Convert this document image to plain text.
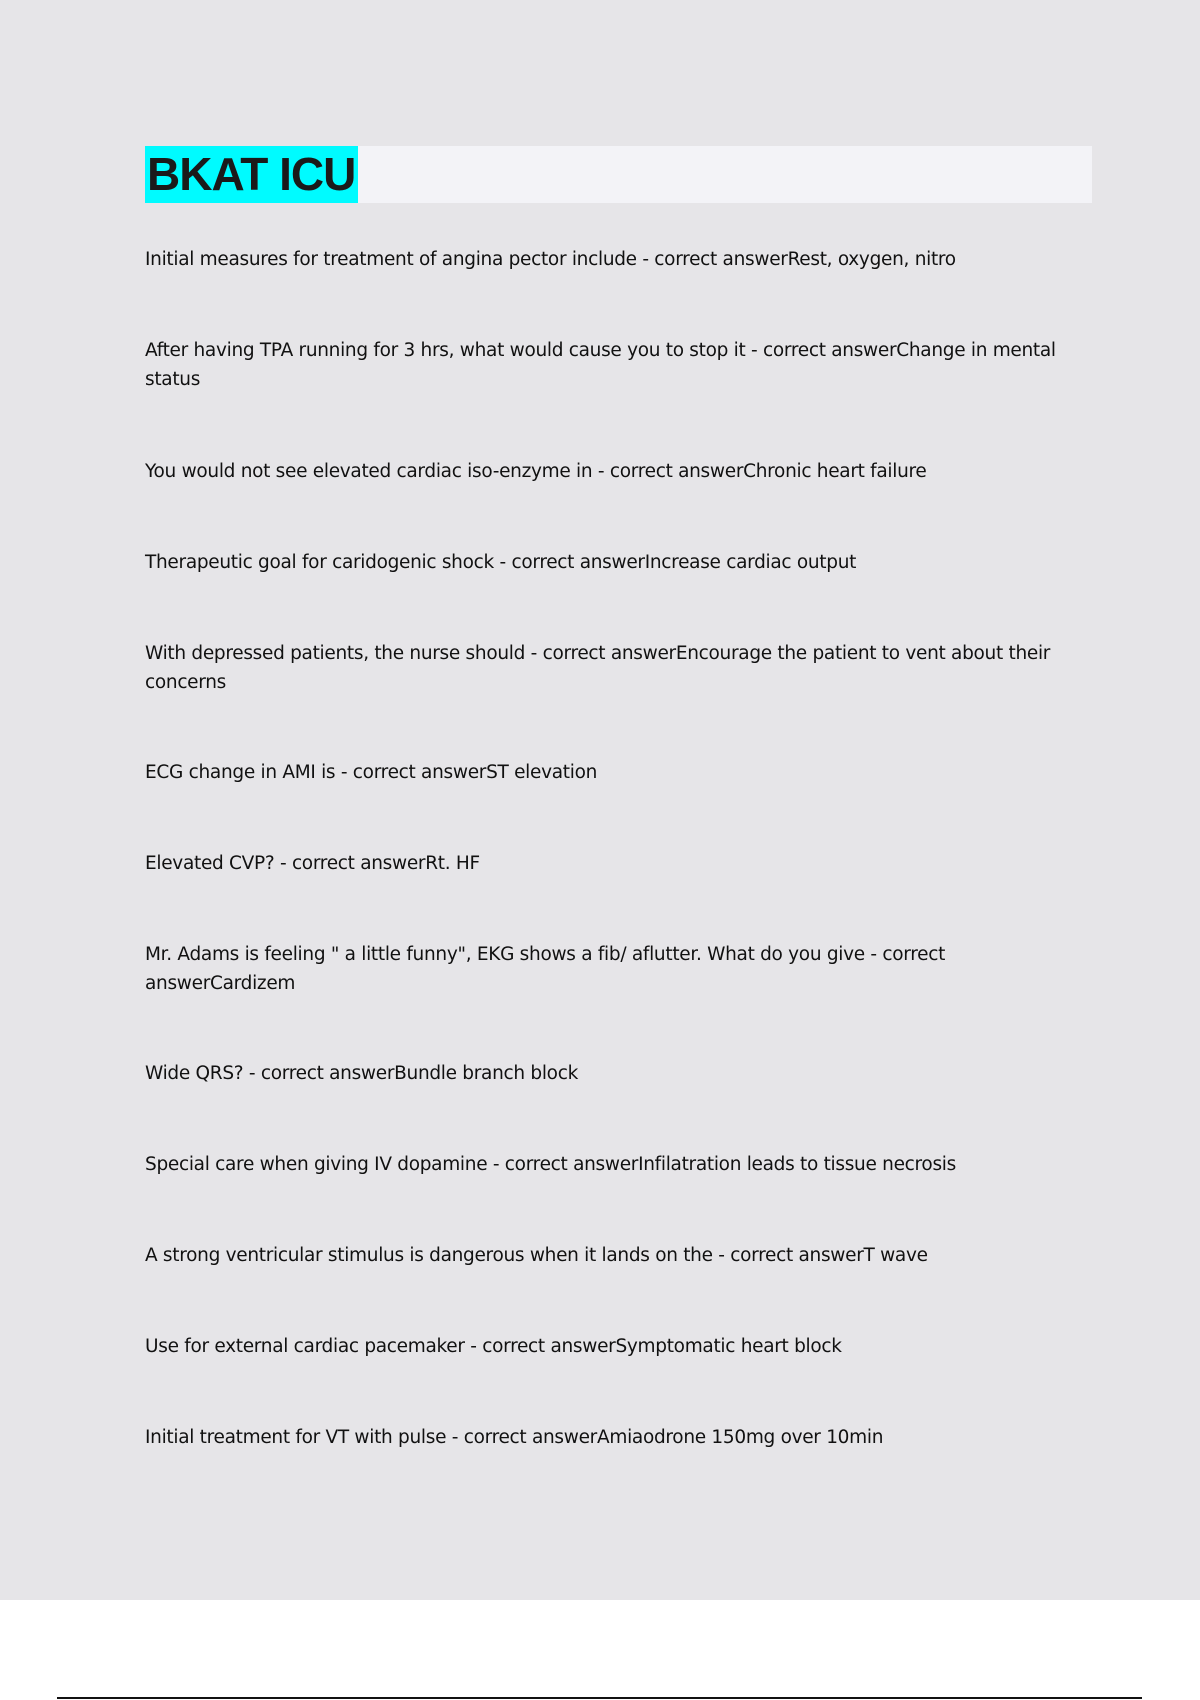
BKAT ICU
Initial measures for treatment of angina pector include - correct answerRest, oxygen, nitro
After having TPA running for 3 hrs, what would cause you to stop it - correct answerChange in mental status
You would not see elevated cardiac iso-enzyme in - correct answerChronic heart failure
Therapeutic goal for caridogenic shock - correct answerIncrease cardiac output
With depressed patients, the nurse should - correct answerEncourage the patient to vent about their concerns
ECG change in AMI is - correct answerST elevation
Elevated CVP? - correct answerRt. HF
Mr. Adams is feeling " a little funny", EKG shows a fib/ aflutter. What do you give - correct answerCardizem
Wide QRS? - correct answerBundle branch block
Special care when giving IV dopamine - correct answerInfilatration leads to tissue necrosis
A strong ventricular stimulus is dangerous when it lands on the - correct answerT wave
Use for external cardiac pacemaker - correct answerSymptomatic heart block
Initial treatment for VT with pulse - correct answerAmiaodrone 150mg over 10min
